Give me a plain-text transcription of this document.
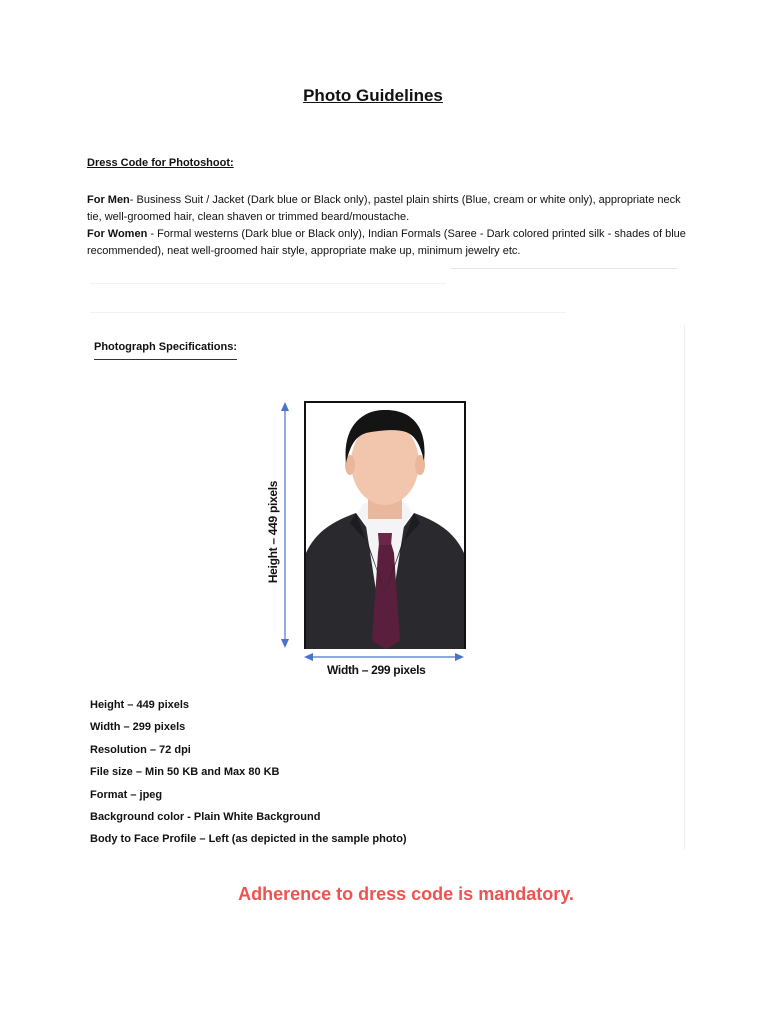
Photo Guidelines
Dress Code for Photoshoot:
For Men- Business Suit / Jacket (Dark blue or Black only), pastel plain shirts (Blue, cream or white only), appropriate neck tie, well-groomed hair, clean shaven or trimmed beard/moustache.
For Women - Formal westerns (Dark blue or Black only), Indian Formals (Saree - Dark colored printed silk - shades of blue recommended), neat well-groomed hair style, appropriate make up, minimum jewelry etc.
Photograph Specifications:
Height – 449 pixels
Width – 299 pixels
Height – 449 pixels
Width – 299 pixels
Resolution – 72 dpi
File size – Min 50 KB and Max 80 KB
Format – jpeg
Background color - Plain White Background
Body to Face Profile – Left (as depicted in the sample photo)
Adherence to dress code is mandatory.
